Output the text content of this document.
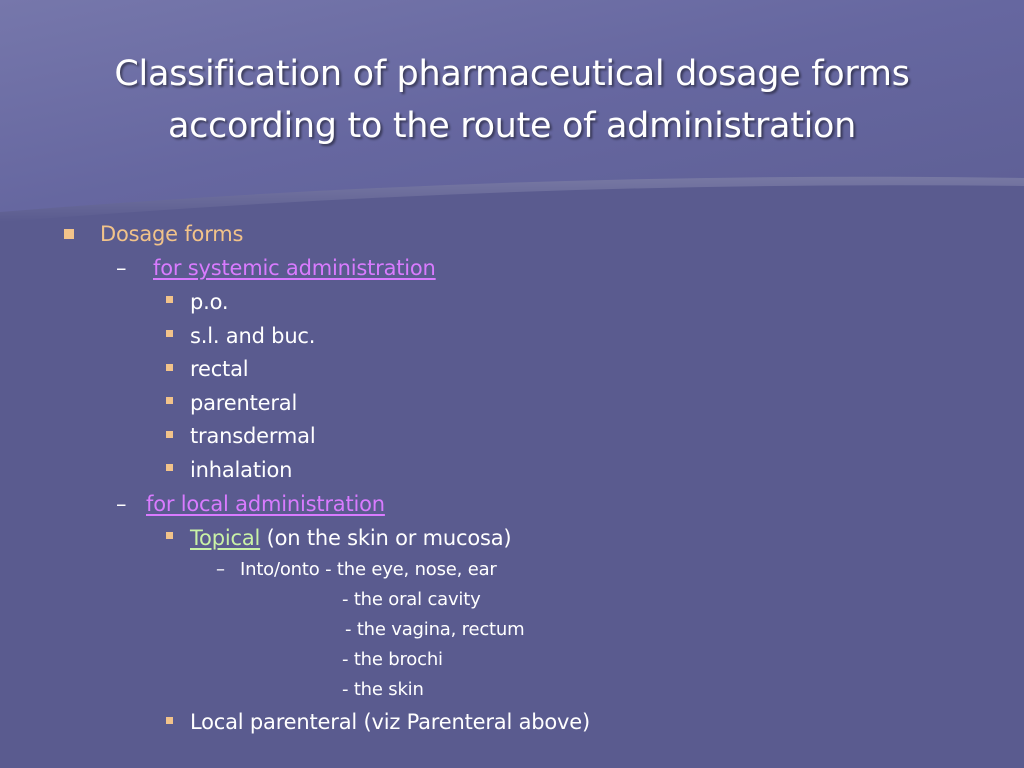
Classification of pharmaceutical dosage forms
according to the route of administration
Dosage forms
– for systemic administration
p.o.
s.l. and buc.
rectal
parenteral
transdermal
inhalation
– for local administration
Topical (on the skin or mucosa)
– Into/onto - the eye, nose, ear
- the oral cavity
- the vagina, rectum
- the brochi
- the skin
Local parenteral (viz Parenteral above)
